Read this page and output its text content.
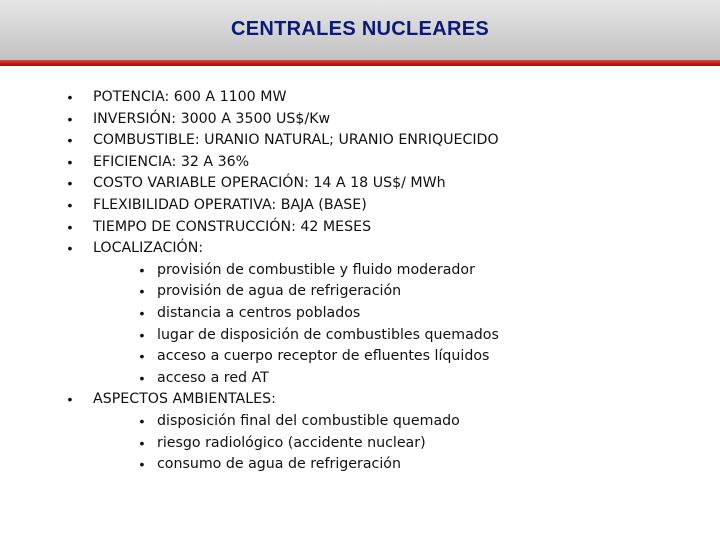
CENTRALES NUCLEARES
• POTENCIA: 600 A 1100 MW
• INVERSIÓN: 3000 A 3500 US$/Kw
• COMBUSTIBLE: URANIO NATURAL; URANIO ENRIQUECIDO
• EFICIENCIA: 32 A 36%
• COSTO VARIABLE OPERACIÓN: 14 A 18 US$/ MWh
• FLEXIBILIDAD OPERATIVA: BAJA (BASE)
• TIEMPO DE CONSTRUCCIÓN: 42 MESES
• LOCALIZACIÓN:
• provisión de combustible y fluido moderador
• provisión de agua de refrigeración
• distancia a centros poblados
• lugar de disposición de combustibles quemados
• acceso a cuerpo receptor de efluentes líquidos
• acceso a red AT
• ASPECTOS AMBIENTALES:
• disposición final del combustible quemado
• riesgo radiológico (accidente nuclear)
• consumo de agua de refrigeración
